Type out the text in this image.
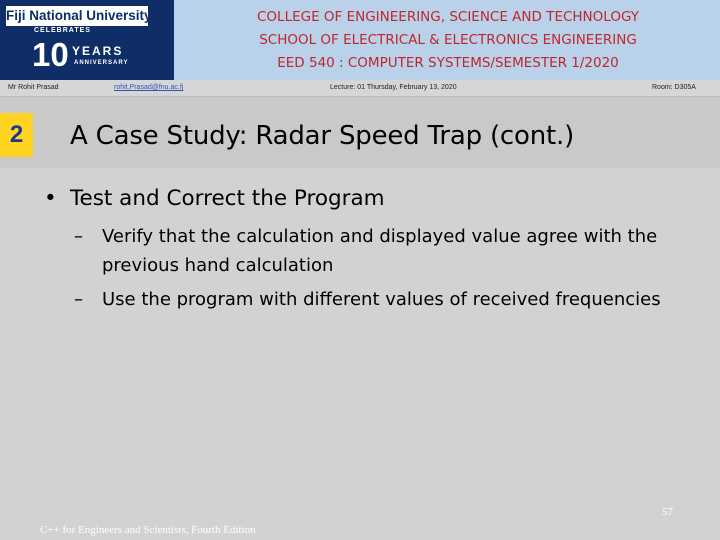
Fiji National University
CELEBRATES
10 YEARS
ANNIVERSARY
COLLEGE OF ENGINEERING, SCIENCE AND TECHNOLOGY
SCHOOL OF ELECTRICAL & ELECTRONICS ENGINEERING
EED 540 : COMPUTER SYSTEMS/SEMESTER 1/2020
Mr Rohit Prasad	rohit.Prasad@fnu.ac.fj	Lecture: 01 Thursday, February 13, 2020	Room: D305A
2	A Case Study: Radar Speed Trap (cont.)
• Test and Correct the Program
– Verify that the calculation and displayed value agree with the previous hand calculation
– Use the program with different values of received frequencies
57
C++ for Engineers and Scientists, Fourth Edition
